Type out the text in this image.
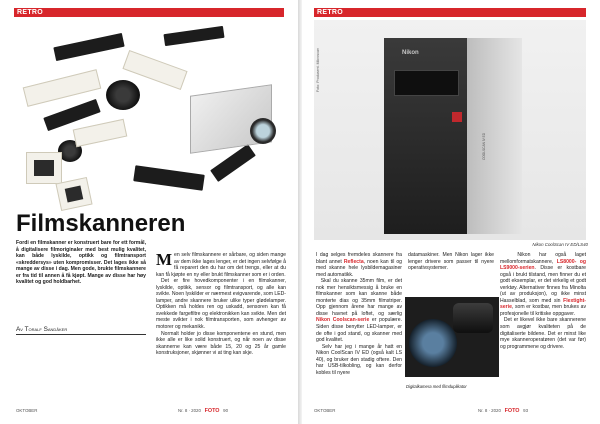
RETRO
Filmskanneren
Fordi en filmskanner er konstruert bare for ett formål, å digitalisere filmoriginaler med best mulig kvalitet, kan både lyskilde, optikk og filmtransport «skreddersys» uten kompromisser. Det lages ikke så mange av disse i dag. Men gode, brukte filmskannere er fra tid til annen å få kjøpt. Mange av disse har høy kvalitet og god holdbarhet.
Av Toralf Sandåker
M en selv filmskannere er sårbare, og siden mange av dem ikke lages lenger, er det ingen selvfølge å få reparert den du har om det trengs, eller at du kan få kjøpte en ny eller brukt filmskanner som er i orden.

Det er fire hovedkomponenter i en filmskanner, lyskilde, optikk, sensor og filmtransport, og alle kan svikte. Noen lyskilder er nærmest evigvarende, som LED-lamper, andre skannere bruker ulike typer glødelamper. Optikken må holdes ren og uskadd, sensoren kan få svekkede fargefiltre og elektronikken kan svikte. Men det meste svikter i nok filmtransporten, som avhenger av motorer og mekanikk.

Normalt holder jo disse komponentene en stund, men ikke alle er like solid konstruert, og når noen av disse skannerne kan være både 15, 20 og 25 år gamle konstruksjoner, skjønner vi at ting kan skje.

OKTOBER	Nr. 8 · 2020 FOTO 90
RETRO
Foto: Produsent. Mikroscan	Nikon
COOLSCAN IV ED
Nikon CoolScan IV ED/LS40
I dag selges fremdeles skannere fra blant annet Reflecta, noen kan til og med skanne hele lysbildemagasiner med automatikk.
Skal du skanne 35mm film, er det nok mer hensiktsmessig å bruke en filmskanner som kan skanne både monterte dias og 35mm filmstriper. Opp gjennom årene har mange av disse havnet på loftet, og særlig Nikon Coolscan-serie er populære. Siden disse benytter LED-lamper, er de ofte i god stand, og skanner med god kvalitet.
Selv har jeg i mange år hatt en Nikon CoolScan IV ED (også kalt LS 40), og bruker den stadig oftere. Den har USB-tilkobling, og kan derfor kobles til nyere
Digitalkamera med filmduplikator
datamaskiner. Men Nikon lager ikke lenger drivere som passer til nyere operativsystemer.
Nikon har også laget mellomformatskannere, LS8000- og LS9000-serien. Disse er kostbare også i brukt tilstand, men finner du et godt eksemplar, er det virkelig et godt verktøy. Alternativer finnes fra Minolta (ut av produksjon), og ikke minst Hasselblad, som med sin Flextight-serie, som er kostbar, men brukes av profesjonelle til kritiske oppgaver.
Det er likevel ikke bare skannerene som avgjør kvaliteten på de digitaliserte bildene. Det er minst like mye skanneroperatøren (det var før) og programmene og drivere.
OKTOBER	Nr. 8 · 2020 FOTO 93
